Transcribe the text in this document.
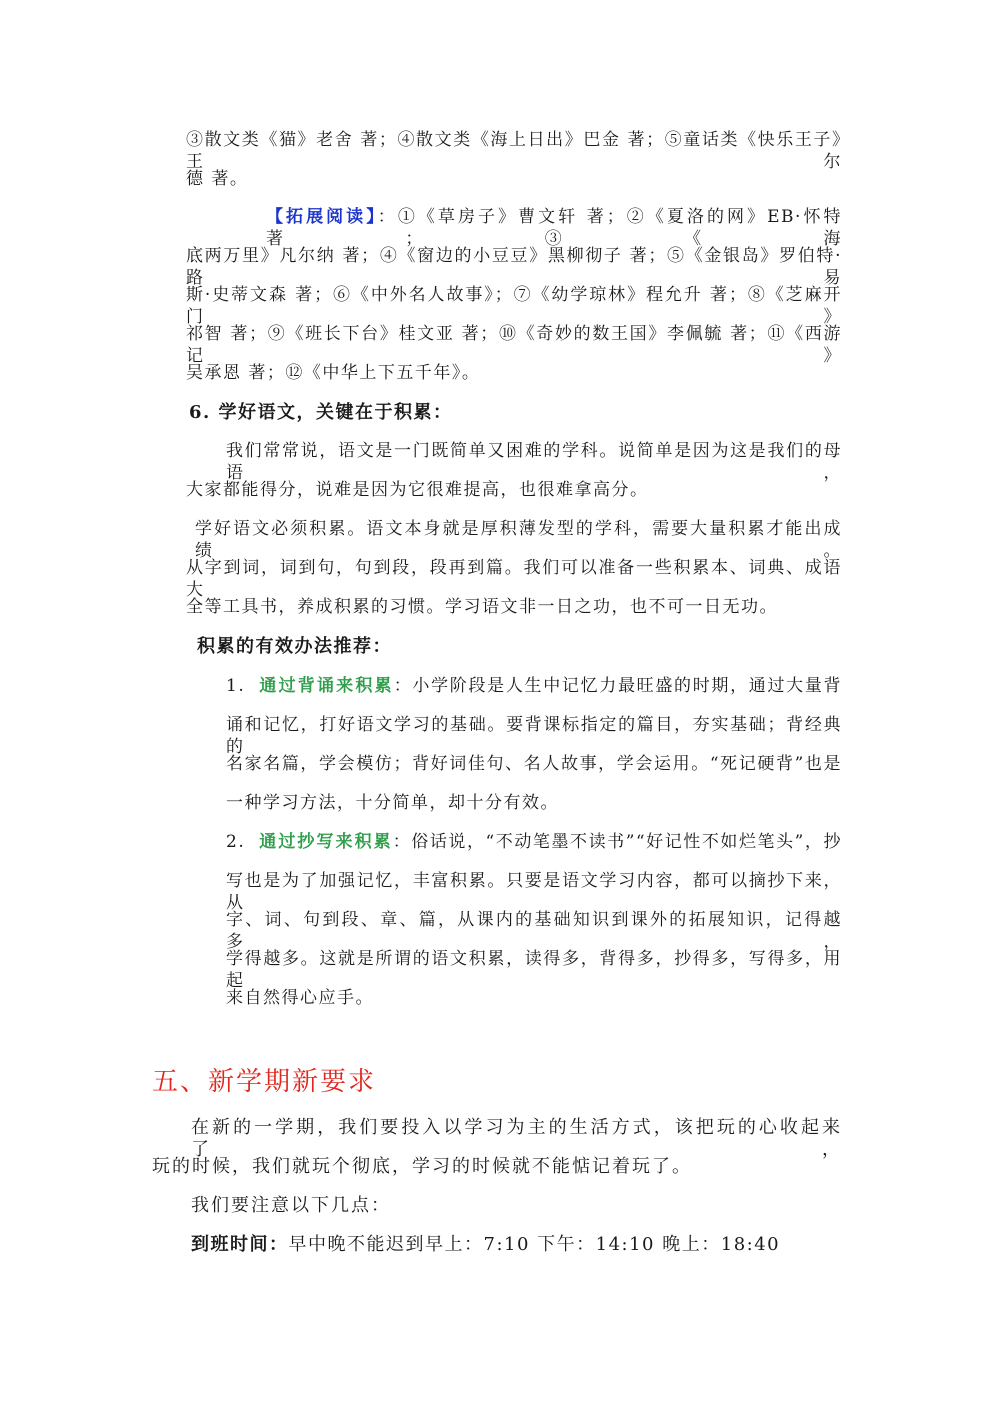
③散文类《猫》老舍 著；④散文类《海上日出》巴金 著；⑤童话类《快乐王子》王尔
德 著。
【拓展阅读】：①《草房子》曹文轩 著；②《夏洛的网》EB·怀特 著；③《海
底两万里》凡尔纳 著；④《窗边的小豆豆》黑柳彻子 著；⑤《金银岛》罗伯特·路易
斯·史蒂文森 著；⑥《中外名人故事》；⑦《幼学琼林》程允升 著；⑧《芝麻开门》
祁智 著；⑨《班长下台》桂文亚 著；⑩《奇妙的数王国》李佩毓 著；⑪《西游记》
吴承恩 著；⑫《中华上下五千年》。
6. 学好语文，关键在于积累：
我们常常说，语文是一门既简单又困难的学科。说简单是因为这是我们的母语，
大家都能得分，说难是因为它很难提高，也很难拿高分。
学好语文必须积累。语文本身就是厚积薄发型的学科，需要大量积累才能出成绩。
从字到词，词到句，句到段，段再到篇。我们可以准备一些积累本、词典、成语大
全等工具书，养成积累的习惯。学习语文非一日之功，也不可一日无功。
积累的有效办法推荐：
1. 通过背诵来积累：小学阶段是人生中记忆力最旺盛的时期，通过大量背
诵和记忆，打好语文学习的基础。要背课标指定的篇目，夯实基础；背经典的
名家名篇，学会模仿；背好词佳句、名人故事，学会运用。“死记硬背”也是
一种学习方法，十分简单，却十分有效。
2. 通过抄写来积累：俗话说，“不动笔墨不读书”“好记性不如烂笔头”，抄
写也是为了加强记忆，丰富积累。只要是语文学习内容，都可以摘抄下来，从
字、词、句到段、章、篇，从课内的基础知识到课外的拓展知识，记得越多，
学得越多。这就是所谓的语文积累，读得多，背得多，抄得多，写得多，用起
来自然得心应手。
五、新学期新要求
在新的一学期，我们要投入以学习为主的生活方式，该把玩的心收起来了，
玩的时候，我们就玩个彻底，学习的时候就不能惦记着玩了。
我们要注意以下几点：
到班时间：早中晚不能迟到早上：7:10 下午：14:10 晚上：18:40
